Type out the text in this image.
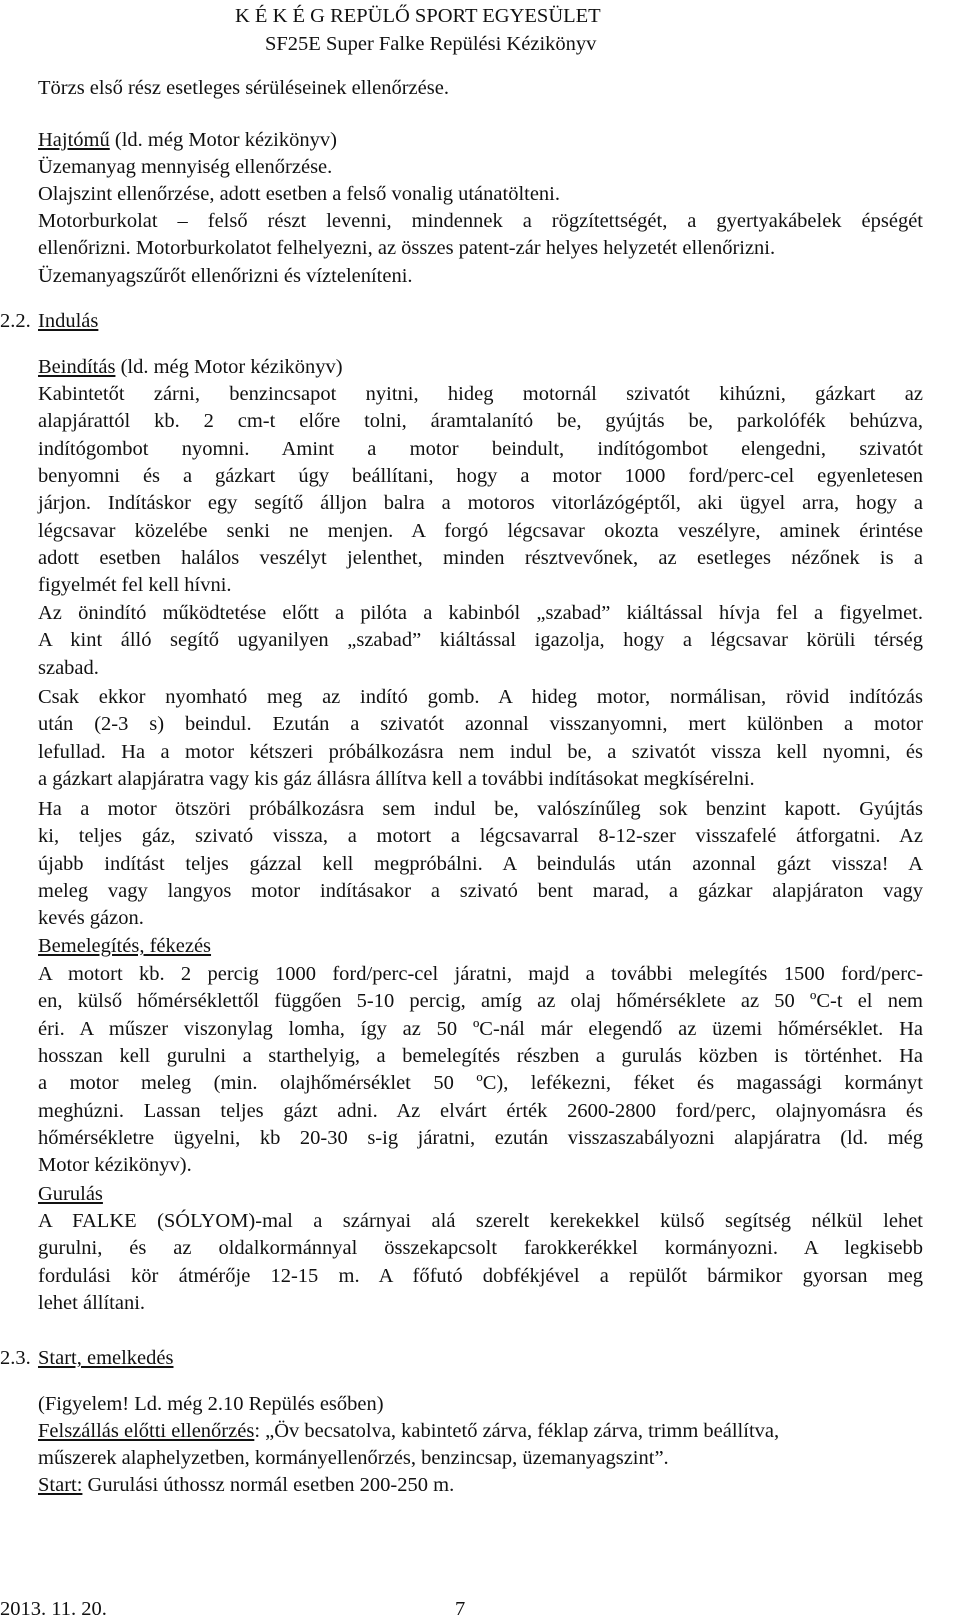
K É K É G REPÜLŐ SPORT EGYESÜLET
SF25E Super Falke Repülési Kézikönyv
Törzs első rész esetleges sérüléseinek ellenőrzése.
Hajtómű (ld. még Motor kézikönyv)
Üzemanyag mennyiség ellenőrzése.
Olajszint ellenőrzése, adott esetben a felső vonalig utánatölteni.
Motorburkolat – felső részt levenni, mindennek a rögzítettségét, a gyertyakábelek épségét
ellenőrizni. Motorburkolatot felhelyezni, az összes patent-zár helyes helyzetét ellenőrizni.
Üzemanyagszűrőt ellenőrizni és vízteleníteni.
2.2. Indulás
Beindítás (ld. még Motor kézikönyv)
Kabintetőt zárni, benzincsapot nyitni, hideg motornál szivatót kihúzni, gázkart az
alapjárattól kb. 2 cm-t előre tolni, áramtalanító be, gyújtás be, parkolófék behúzva,
indítógombot nyomni. Amint a motor beindult, indítógombot elengedni, szivatót
benyomni és a gázkart úgy beállítani, hogy a motor 1000 ford/perc-cel egyenletesen
járjon. Indításkor egy segítő álljon balra a motoros vitorlázógéptől, aki ügyel arra, hogy a
légcsavar közelébe senki ne menjen. A forgó légcsavar okozta veszélyre, aminek érintése
adott esetben halálos veszélyt jelenthet, minden résztvevőnek, az esetleges nézőnek is a
figyelmét fel kell hívni.
Az önindító működtetése előtt a pilóta a kabinból „szabad” kiáltással hívja fel a figyelmet.
A kint álló segítő ugyanilyen „szabad” kiáltással igazolja, hogy a légcsavar körüli térség
szabad.
Csak ekkor nyomható meg az indító gomb. A hideg motor, normálisan, rövid indítózás
után (2-3 s) beindul. Ezután a szivatót azonnal visszanyomni, mert különben a motor
lefullad. Ha a motor kétszeri próbálkozásra nem indul be, a szivatót vissza kell nyomni, és
a gázkart alapjáratra vagy kis gáz állásra állítva kell a további indításokat megkísérelni.
Ha a motor ötszöri próbálkozásra sem indul be, valószínűleg sok benzint kapott. Gyújtás
ki, teljes gáz, szivató vissza, a motort a légcsavarral 8-12-szer visszafelé átforgatni. Az
újabb indítást teljes gázzal kell megpróbálni. A beindulás után azonnal gázt vissza! A
meleg vagy langyos motor indításakor a szivató bent marad, a gázkar alapjáraton vagy
kevés gázon.
Bemelegítés, fékezés
A motort kb. 2 percig 1000 ford/perc-cel járatni, majd a további melegítés 1500 ford/perc-
en, külső hőmérséklettől függően 5-10 percig, amíg az olaj hőmérséklete az 50 ºC-t el nem
éri. A műszer viszonylag lomha, így az 50 ºC-nál már elegendő az üzemi hőmérséklet. Ha
hosszan kell gurulni a starthelyig, a bemelegítés részben a gurulás közben is történhet. Ha
a motor meleg (min. olajhőmérséklet 50 ºC), lefékezni, féket és magassági kormányt
meghúzni. Lassan teljes gázt adni. Az elvárt érték 2600-2800 ford/perc, olajnyomásra és
hőmérsékletre ügyelni, kb 20-30 s-ig járatni, ezután visszaszabályozni alapjáratra (ld. még
Motor kézikönyv).
Gurulás
A FALKE (SÓLYOM)-mal a szárnyai alá szerelt kerekekkel külső segítség nélkül lehet
gurulni, és az oldalkormánnyal összekapcsolt farokkerékkel kormányozni. A legkisebb
fordulási kör átmérője 12-15 m. A főfutó dobfékjével a repülőt bármikor gyorsan meg
lehet állítani.
2.3. Start, emelkedés
(Figyelem! Ld. még 2.10 Repülés esőben)
Felszállás előtti ellenőrzés: „Öv becsatolva, kabintető zárva, féklap zárva, trimm beállítva,
műszerek alaphelyzetben, kormányellenőrzés, benzincsap, üzemanyagszint”.
Start: Gurulási úthossz normál esetben 200-250 m.
2013. 11. 20.	7
